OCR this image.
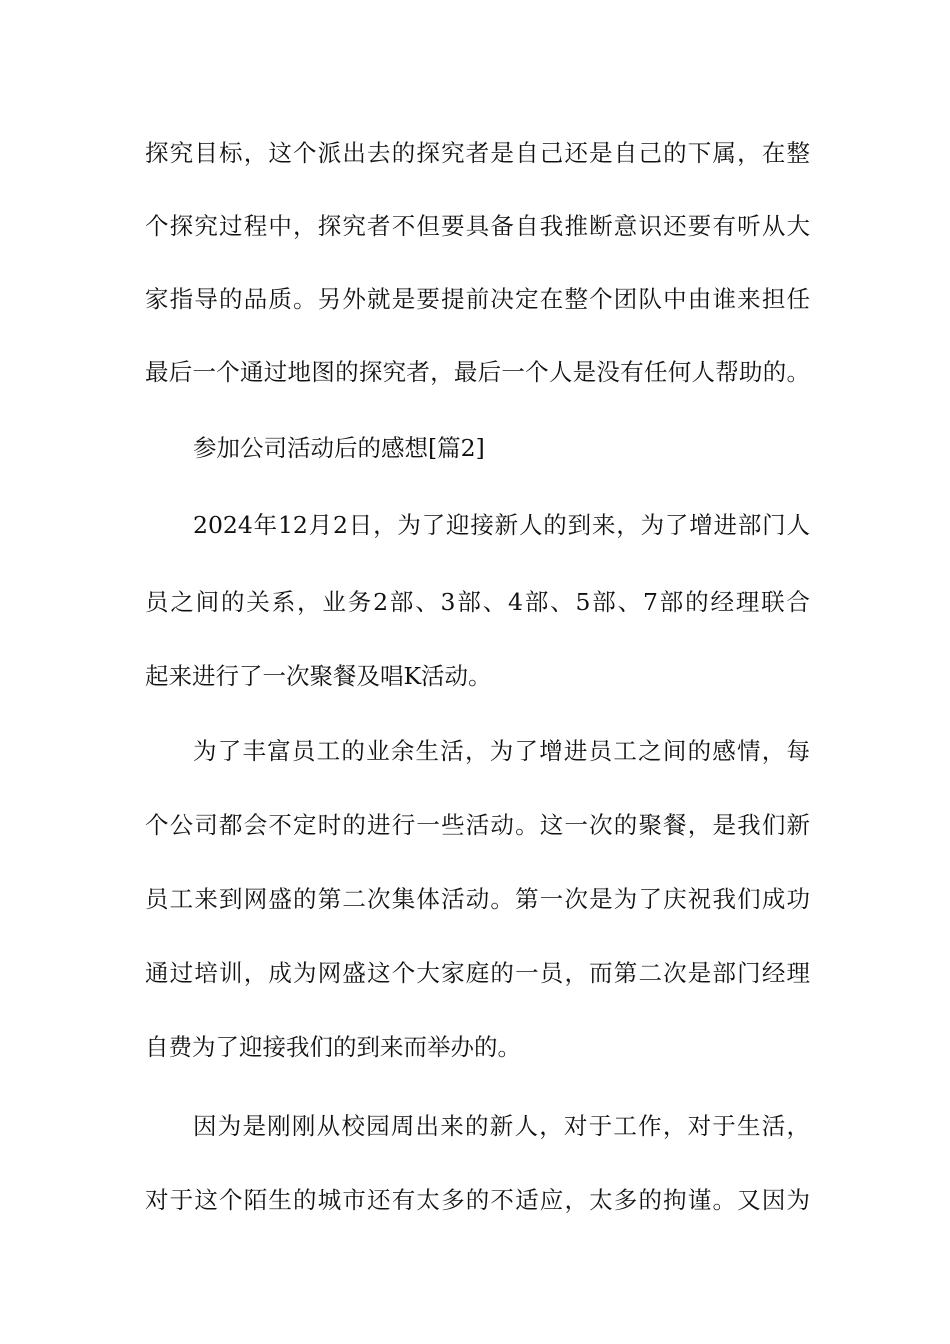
探究目标，这个派出去的探究者是自己还是自己的下属，在整
个探究过程中，探究者不但要具备自我推断意识还要有听从大
家指导的品质。另外就是要提前决定在整个团队中由谁来担任
最后一个通过地图的探究者，最后一个人是没有任何人帮助的。
参加公司活动后的感想[篇2]
2024年12月2日，为了迎接新人的到来，为了增进部门人
员之间的关系，业务2部、3部、4部、5部、7部的经理联合
起来进行了一次聚餐及唱K活动。
为了丰富员工的业余生活，为了增进员工之间的感情，每
个公司都会不定时的进行一些活动。这一次的聚餐，是我们新
员工来到网盛的第二次集体活动。第一次是为了庆祝我们成功
通过培训，成为网盛这个大家庭的一员，而第二次是部门经理
自费为了迎接我们的到来而举办的。
因为是刚刚从校园周出来的新人，对于工作，对于生活，
对于这个陌生的城市还有太多的不适应，太多的拘谨。又因为
